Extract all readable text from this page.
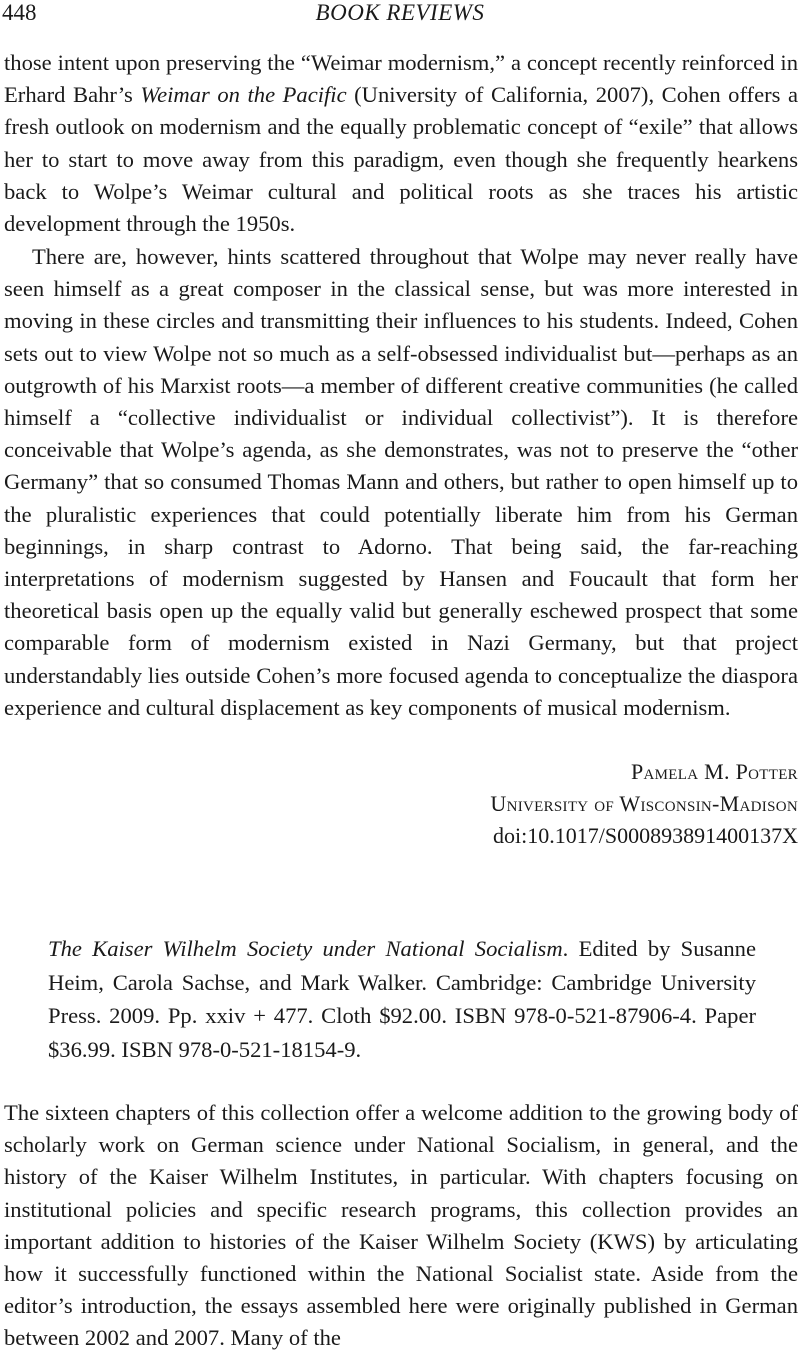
448	BOOK REVIEWS

those intent upon preserving the “Weimar modernism,” a concept recently reinforced in Erhard Bahr’s Weimar on the Pacific (University of California, 2007), Cohen offers a fresh outlook on modernism and the equally problematic concept of “exile” that allows her to start to move away from this paradigm, even though she frequently hearkens back to Wolpe’s Weimar cultural and political roots as she traces his artistic development through the 1950s.

There are, however, hints scattered throughout that Wolpe may never really have seen himself as a great composer in the classical sense, but was more interested in moving in these circles and transmitting their influences to his students. Indeed, Cohen sets out to view Wolpe not so much as a self-obsessed individualist but—perhaps as an outgrowth of his Marxist roots—a member of different creative communities (he called himself a “collective individualist or individual collectivist”). It is therefore conceivable that Wolpe’s agenda, as she demonstrates, was not to preserve the “other Germany” that so consumed Thomas Mann and others, but rather to open himself up to the pluralistic experiences that could potentially liberate him from his German beginnings, in sharp contrast to Adorno. That being said, the far-reaching interpretations of modernism suggested by Hansen and Foucault that form her theoretical basis open up the equally valid but generally eschewed prospect that some comparable form of modernism existed in Nazi Germany, but that project understandably lies outside Cohen’s more focused agenda to conceptualize the diaspora experience and cultural displacement as key components of musical modernism.

Pamela M. Potter
University of Wisconsin-Madison
doi:10.1017/S000893891400137X

The Kaiser Wilhelm Society under National Socialism. Edited by Susanne Heim, Carola Sachse, and Mark Walker. Cambridge: Cambridge University Press. 2009. Pp. xxiv + 477. Cloth $92.00. ISBN 978-0-521-87906-4. Paper $36.99. ISBN 978-0-521-18154-9.

The sixteen chapters of this collection offer a welcome addition to the growing body of scholarly work on German science under National Socialism, in general, and the history of the Kaiser Wilhelm Institutes, in particular. With chapters focusing on institutional policies and specific research programs, this collection provides an important addition to histories of the Kaiser Wilhelm Society (KWS) by articulating how it successfully functioned within the National Socialist state. Aside from the editor’s introduction, the essays assembled here were originally published in German between 2002 and 2007. Many of the
